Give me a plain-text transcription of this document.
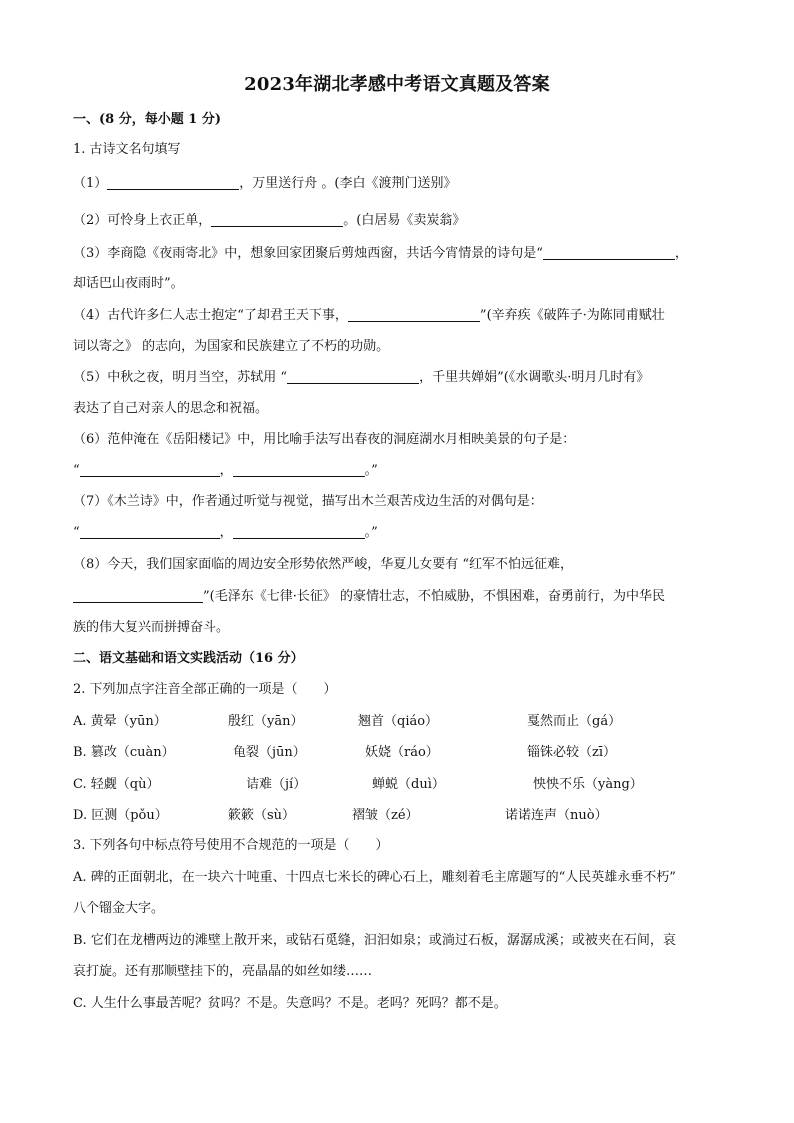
2023年湖北孝感中考语文真题及答案
一、(8 分，每小题 1 分)
1. 古诗文名句填写
（1）	，万里送行舟 。(李白《渡荆门送别》
（2）可怜身上衣正单，	。(白居易《卖炭翁》
（3）李商隐《夜雨寄北》中，想象回家团聚后剪烛西窗，共话今宵情景的诗句是“	，
却话巴山夜雨时”。
（4）古代许多仁人志士抱定“了却君王天下事，	”(辛弃疾《破阵子·为陈同甫赋壮
词以寄之》 的志向，为国家和民族建立了不朽的功勋。
（5）中秋之夜，明月当空，苏轼用 “	，千里共婵娟”(《水调歌头·明月几时有》
表达了自己对亲人的思念和祝福。
（6）范仲淹在《岳阳楼记》中，用比喻手法写出春夜的洞庭湖水月相映美景的句子是：
“	，	。”
（7）《木兰诗》中，作者通过听觉与视觉，描写出木兰艰苦戍边生活的对偶句是：
“	，	。”
（8）今天，我们国家面临的周边安全形势依然严峻，华夏儿女要有 “红军不怕远征难，
”(毛泽东《七律·长征》 的豪情壮志，不怕威胁，不惧困难，奋勇前行，为中华民
族的伟大复兴而拼搏奋斗。
二、语文基础和语文实践活动（16 分）
2. 下列加点字注音全部正确的一项是（　　）
A. 黄晕（yūn）	殷红（yān）	翘首（qiáo）	戛然而止（gá）
B. 篡改（cuàn）	龟裂（jūn）	妖娆（ráo）	锱铢必较（zī）
C. 轻觑（qù）	诘难（jí）	蝉蜕（duì）	怏怏不乐（yàng）
D. 叵测（pǒu）	簌簌（sù）	褶皱（zé）	诺诺连声（nuò）
3. 下列各句中标点符号使用不合规范的一项是（　　）
A. 碑的正面朝北，在一块六十吨重、十四点七米长的碑心石上，雕刻着毛主席题写的“人民英雄永垂不朽”
八个镏金大字。
B. 它们在龙槽两边的滩壁上散开来，或钻石觅缝，汩汩如泉；或淌过石板，潺潺成溪；或被夹在石间，哀
哀打旋。还有那顺壁挂下的，亮晶晶的如丝如缕……
C. 人生什么事最苦呢？贫吗？不是。失意吗？不是。老吗？死吗？都不是。
